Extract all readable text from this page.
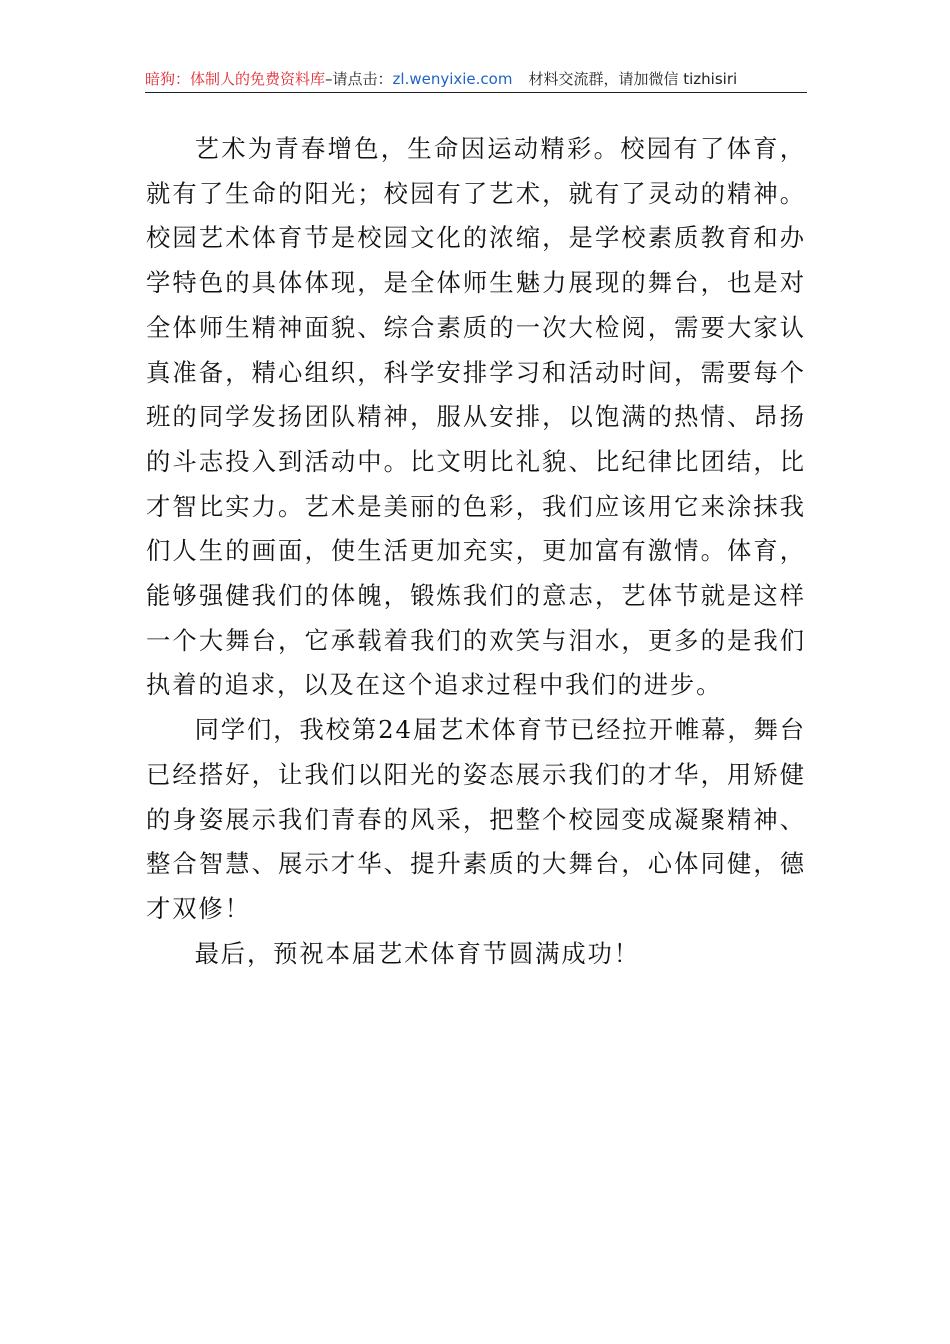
暗狗：体制人的免费资料库–请点击：zl.wenyixie.com 材料交流群，请加微信 tizhisiri

艺术为青春增色，生命因运动精彩。校园有了体育，就有了生命的阳光；校园有了艺术，就有了灵动的精神。校园艺术体育节是校园文化的浓缩，是学校素质教育和办学特色的具体体现，是全体师生魅力展现的舞台，也是对全体师生精神面貌、综合素质的一次大检阅，需要大家认真准备，精心组织，科学安排学习和活动时间，需要每个班的同学发扬团队精神，服从安排，以饱满的热情、昂扬的斗志投入到活动中。比文明比礼貌、比纪律比团结，比才智比实力。艺术是美丽的色彩，我们应该用它来涂抹我们人生的画面，使生活更加充实，更加富有激情。体育，能够强健我们的体魄，锻炼我们的意志，艺体节就是这样一个大舞台，它承载着我们的欢笑与泪水，更多的是我们执着的追求，以及在这个追求过程中我们的进步。

同学们，我校第24届艺术体育节已经拉开帷幕，舞台已经搭好，让我们以阳光的姿态展示我们的才华，用矫健的身姿展示我们青春的风采，把整个校园变成凝聚精神、整合智慧、展示才华、提升素质的大舞台，心体同健，德才双修！

最后，预祝本届艺术体育节圆满成功！
